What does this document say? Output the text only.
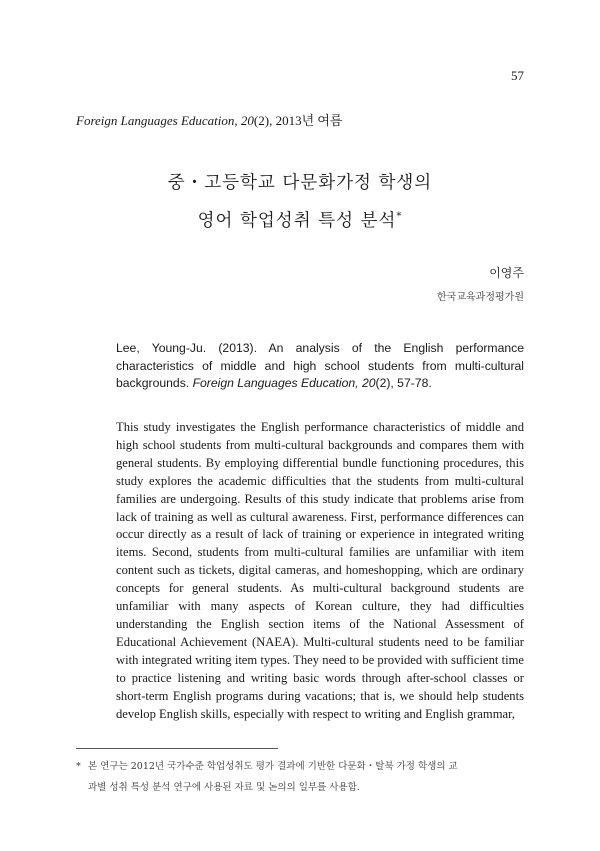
57
Foreign Languages Education, 20(2), 2013년 여름
중・고등학교 다문화가정 학생의
영어 학업성취 특성 분석*
이영주
한국교육과정평가원
Lee, Young-Ju. (2013). An analysis of the English performance characteristics of middle and high school students from multi-cultural backgrounds. Foreign Languages Education, 20(2), 57-78.
This study investigates the English performance characteristics of middle and high school students from multi-cultural backgrounds and compares them with general students. By employing differential bundle functioning procedures, this study explores the academic difficulties that the students from multi-cultural families are undergoing. Results of this study indicate that problems arise from lack of training as well as cultural awareness. First, performance differences can occur directly as a result of lack of training or experience in integrated writing items. Second, students from multi-cultural families are unfamiliar with item content such as tickets, digital cameras, and homeshopping, which are ordinary concepts for general students. As multi-cultural background students are unfamiliar with many aspects of Korean culture, they had difficulties understanding the English section items of the National Assessment of Educational Achievement (NAEA). Multi-cultural students need to be familiar with integrated writing item types. They need to be provided with sufficient time to practice listening and writing basic words through after-school classes or short-term English programs during vacations; that is, we should help students develop English skills, especially with respect to writing and English grammar,
* 본 연구는 2012년 국가수준 학업성취도 평가 결과에 기반한 다문화・탈북 가정 학생의 교
과별 성취 특성 분석 연구에 사용된 자료 및 논의의 일부를 사용함.
